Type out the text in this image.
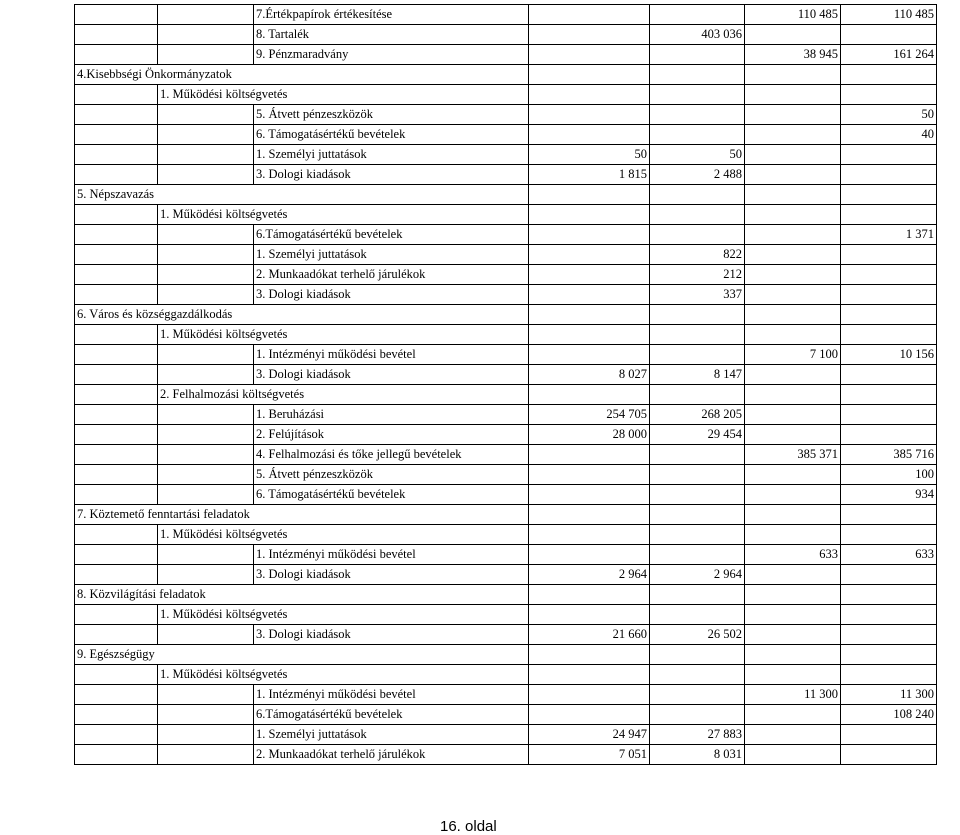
		7.Értékpapírok értékesítése			110 485	110 485
		8. Tartalék		403 036		
		9. Pénzmaradvány			38 945	161 264
4.Kisebbségi Önkormányzatok						
	1. Működési költségvetés					
		5. Átvett pénzeszközök				50
		6. Támogatásértékű bevételek				40
		1. Személyi juttatások	50	50		
		3. Dologi kiadások	1 815	2 488		
5. Népszavazás						
	1. Működési költségvetés					
		6.Támogatásértékű bevételek				1 371
		1. Személyi juttatások		822		
		2. Munkaadókat terhelő járulékok		212		
		3. Dologi kiadások		337		
6. Város és községgazdálkodás						
	1. Működési költségvetés					
		1. Intézményi működési bevétel			7 100	10 156
		3. Dologi kiadások	8 027	8 147		
	2. Felhalmozási költségvetés					
		1. Beruházási	254 705	268 205		
		2. Felújítások	28 000	29 454		
		4. Felhalmozási és tőke jellegű bevételek			385 371	385 716
		5. Átvett pénzeszközök				100
		6. Támogatásértékű bevételek				934
7. Köztemető fenntartási feladatok						
	1. Működési költségvetés					
		1. Intézményi működési bevétel			633	633
		3. Dologi kiadások	2 964	2 964		
8. Közvilágítási feladatok						
	1. Működési költségvetés					
		3. Dologi kiadások	21 660	26 502		
9. Egészségügy						
	1. Működési költségvetés					
		1. Intézményi működési bevétel			11 300	11 300
		6.Támogatásértékű bevételek				108 240
		1. Személyi juttatások	24 947	27 883		
		2. Munkaadókat terhelő járulékok	7 051	8 031		
16. oldal
